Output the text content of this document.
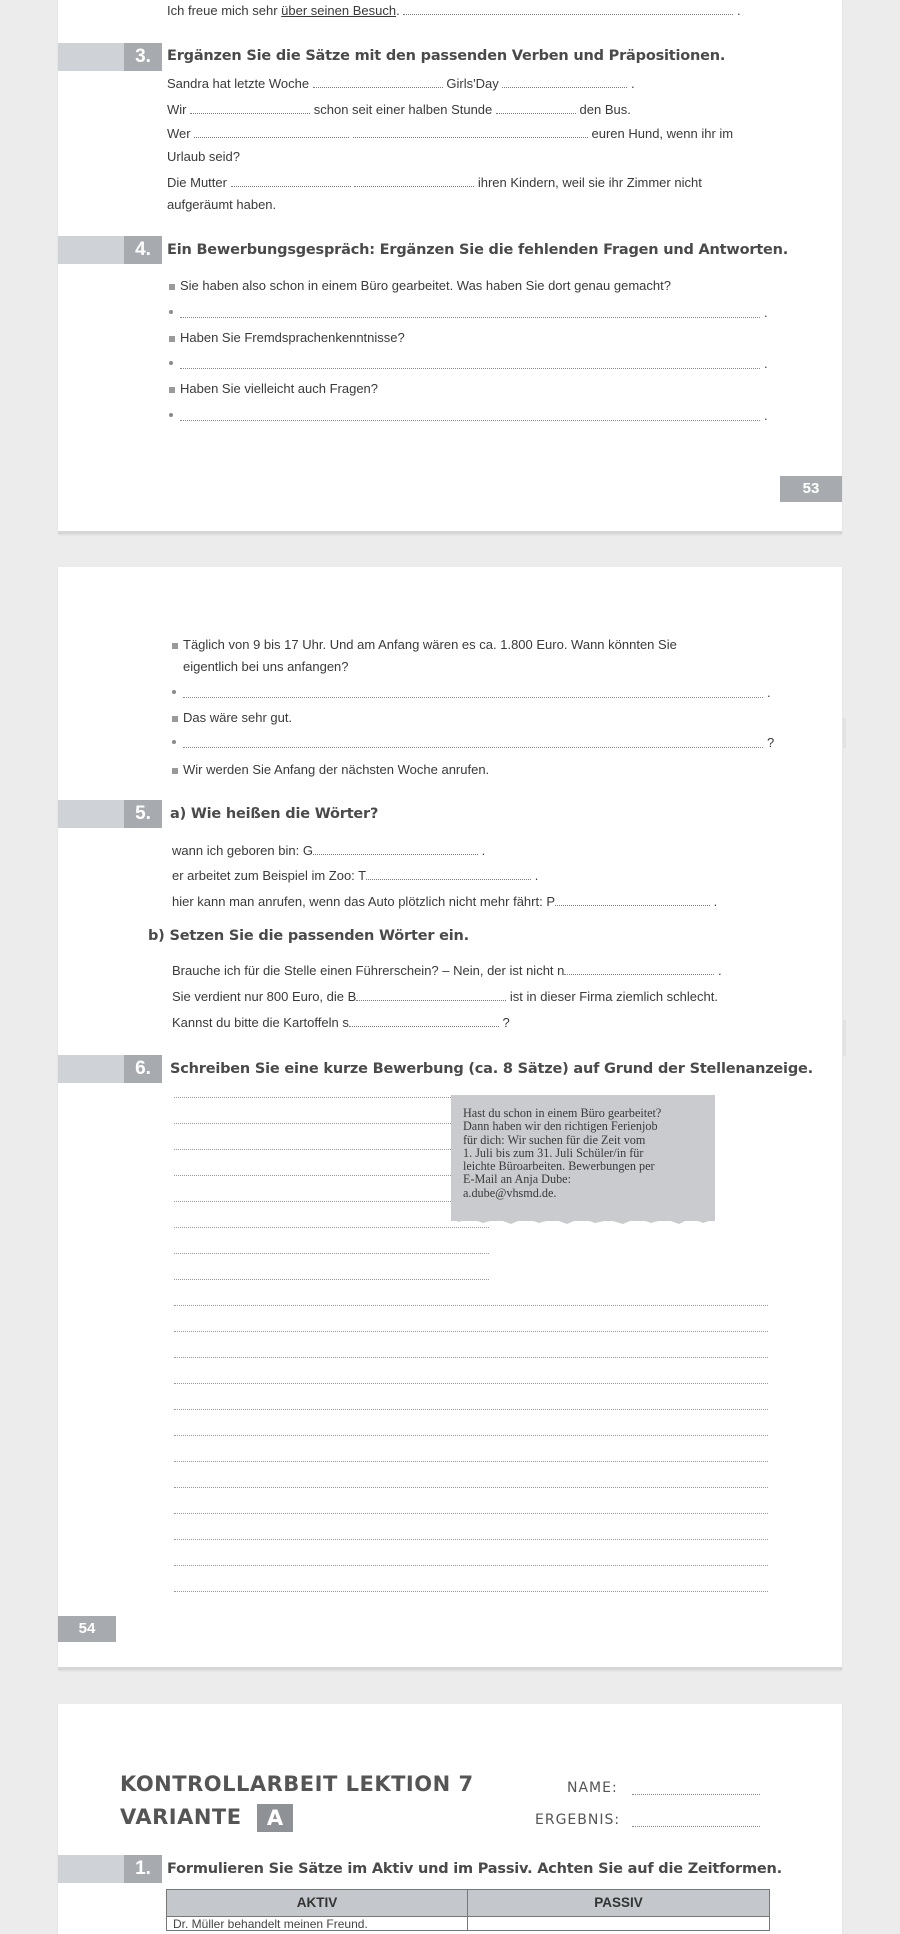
Ich freue mich sehr über seinen Besuch.	.
3.	Ergänzen Sie die Sätze mit den passenden Verben und Präpositionen.
Sandra hat letzte Woche	Girls'Day	.
Wir	schon seit einer halben Stunde	den Bus.
Wer	euren Hund, wenn ihr im
Urlaub seid?
Die Mutter	ihren Kindern, weil sie ihr Zimmer nicht
aufgeräumt haben.
4.	Ein Bewerbungsgespräch: Ergänzen Sie die fehlenden Fragen und Antworten.
Sie haben also schon in einem Büro gearbeitet. Was haben Sie dort genau gemacht?
.
Haben Sie Fremdsprachenkenntnisse?
.
Haben Sie vielleicht auch Fragen?
.
53
Täglich von 9 bis 17 Uhr. Und am Anfang wären es ca. 1.800 Euro. Wann könnten Sie
eigentlich bei uns anfangen?
.
Das wäre sehr gut.
?
Wir werden Sie Anfang der nächsten Woche anrufen.
5.	a) Wie heißen die Wörter?
wann ich geboren bin: G	.
er arbeitet zum Beispiel im Zoo: T	.
hier kann man anrufen, wenn das Auto plötzlich nicht mehr fährt: P	.
b) Setzen Sie die passenden Wörter ein.
Brauche ich für die Stelle einen Führerschein? – Nein, der ist nicht n	.
Sie verdient nur 800 Euro, die B	ist in dieser Firma ziemlich schlecht.
Kannst du bitte die Kartoffeln s	?
6.	Schreiben Sie eine kurze Bewerbung (ca. 8 Sätze) auf Grund der Stellenanzeige.
Hast du schon in einem Büro gearbeitet?
Dann haben wir den richtigen Ferienjob
für dich: Wir suchen für die Zeit vom
1. Juli bis zum 31. Juli Schüler/in für
leichte Büroarbeiten. Bewerbungen per
E-Mail an Anja Dube:
a.dube@vhsmd.de.
54
KONTROLLARBEIT LEKTION 7
VARIANTE	A
NAME:
ERGEBNIS:
1.	Formulieren Sie Sätze im Aktiv und im Passiv. Achten Sie auf die Zeitformen.
AKTIV	PASSIV
Dr. Müller behandelt meinen Freund.
